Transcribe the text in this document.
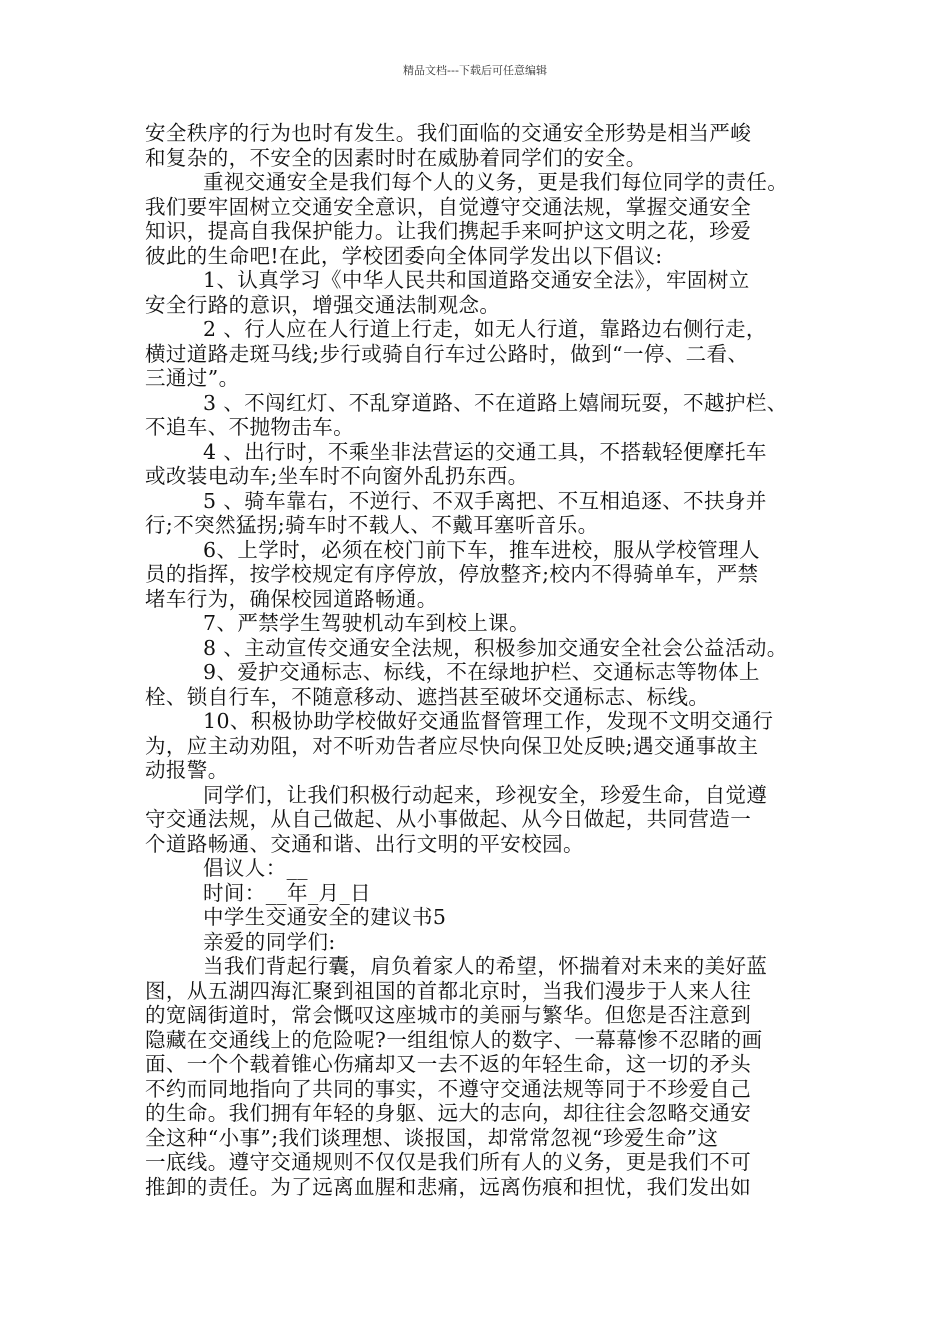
精品文档---下载后可任意编辑

安全秩序的行为也时有发生。我们面临的交通安全形势是相当严峻

和复杂的，不安全的因素时时在威胁着同学们的安全。

重视交通安全是我们每个人的义务，更是我们每位同学的责任。

我们要牢固树立交通安全意识，自觉遵守交通法规，掌握交通安全

知识，提高自我保护能力。让我们携起手来呵护这文明之花，珍爱

彼此的生命吧!在此，学校团委向全体同学发出以下倡议:

1、认真学习《中华人民共和国道路交通安全法》，牢固树立

安全行路的意识，增强交通法制观念。

2 、行人应在人行道上行走，如无人行道，靠路边右侧行走，

横过道路走斑马线;步行或骑自行车过公路时，做到“一停、二看、

三通过”。

3 、不闯红灯、不乱穿道路、不在道路上嬉闹玩耍，不越护栏、

不追车、不抛物击车。

4 、出行时，不乘坐非法营运的交通工具，不搭载轻便摩托车

或改装电动车;坐车时不向窗外乱扔东西。

5 、骑车靠右，不逆行、不双手离把、不互相追逐、不扶身并

行;不突然猛拐;骑车时不载人、不戴耳塞听音乐。

6、上学时，必须在校门前下车，推车进校，服从学校管理人

员的指挥，按学校规定有序停放，停放整齐;校内不得骑单车，严禁

堵车行为，确保校园道路畅通。

7、严禁学生驾驶机动车到校上课。

8 、主动宣传交通安全法规，积极参加交通安全社会公益活动。

9、爱护交通标志、标线，不在绿地护栏、交通标志等物体上

栓、锁自行车，不随意移动、遮挡甚至破坏交通标志、标线。

10、积极协助学校做好交通监督管理工作，发现不文明交通行

为，应主动劝阻，对不听劝告者应尽快向保卫处反映;遇交通事故主

动报警。

同学们，让我们积极行动起来，珍视安全，珍爱生命，自觉遵

守交通法规，从自己做起、从小事做起、从今日做起，共同营造一

个道路畅通、交通和谐、出行文明的平安校园。

倡议人：__

时间：__年_月_日

中学生交通安全的建议书5

亲爱的同学们:

当我们背起行囊，肩负着家人的希望，怀揣着对未来的美好蓝

图，从五湖四海汇聚到祖国的首都北京时，当我们漫步于人来人往

的宽阔街道时，常会慨叹这座城市的美丽与繁华。但您是否注意到

隐藏在交通线上的危险呢?一组组惊人的数字、一幕幕惨不忍睹的画

面、一个个载着锥心伤痛却又一去不返的年轻生命，这一切的矛头

不约而同地指向了共同的事实，不遵守交通法规等同于不珍爱自己

的生命。我们拥有年轻的身躯、远大的志向，却往往会忽略交通安

全这种“小事”;我们谈理想、谈报国，却常常忽视“珍爱生命”这

一底线。遵守交通规则不仅仅是我们所有人的义务，更是我们不可

推卸的责任。为了远离血腥和悲痛，远离伤痕和担忧，我们发出如
